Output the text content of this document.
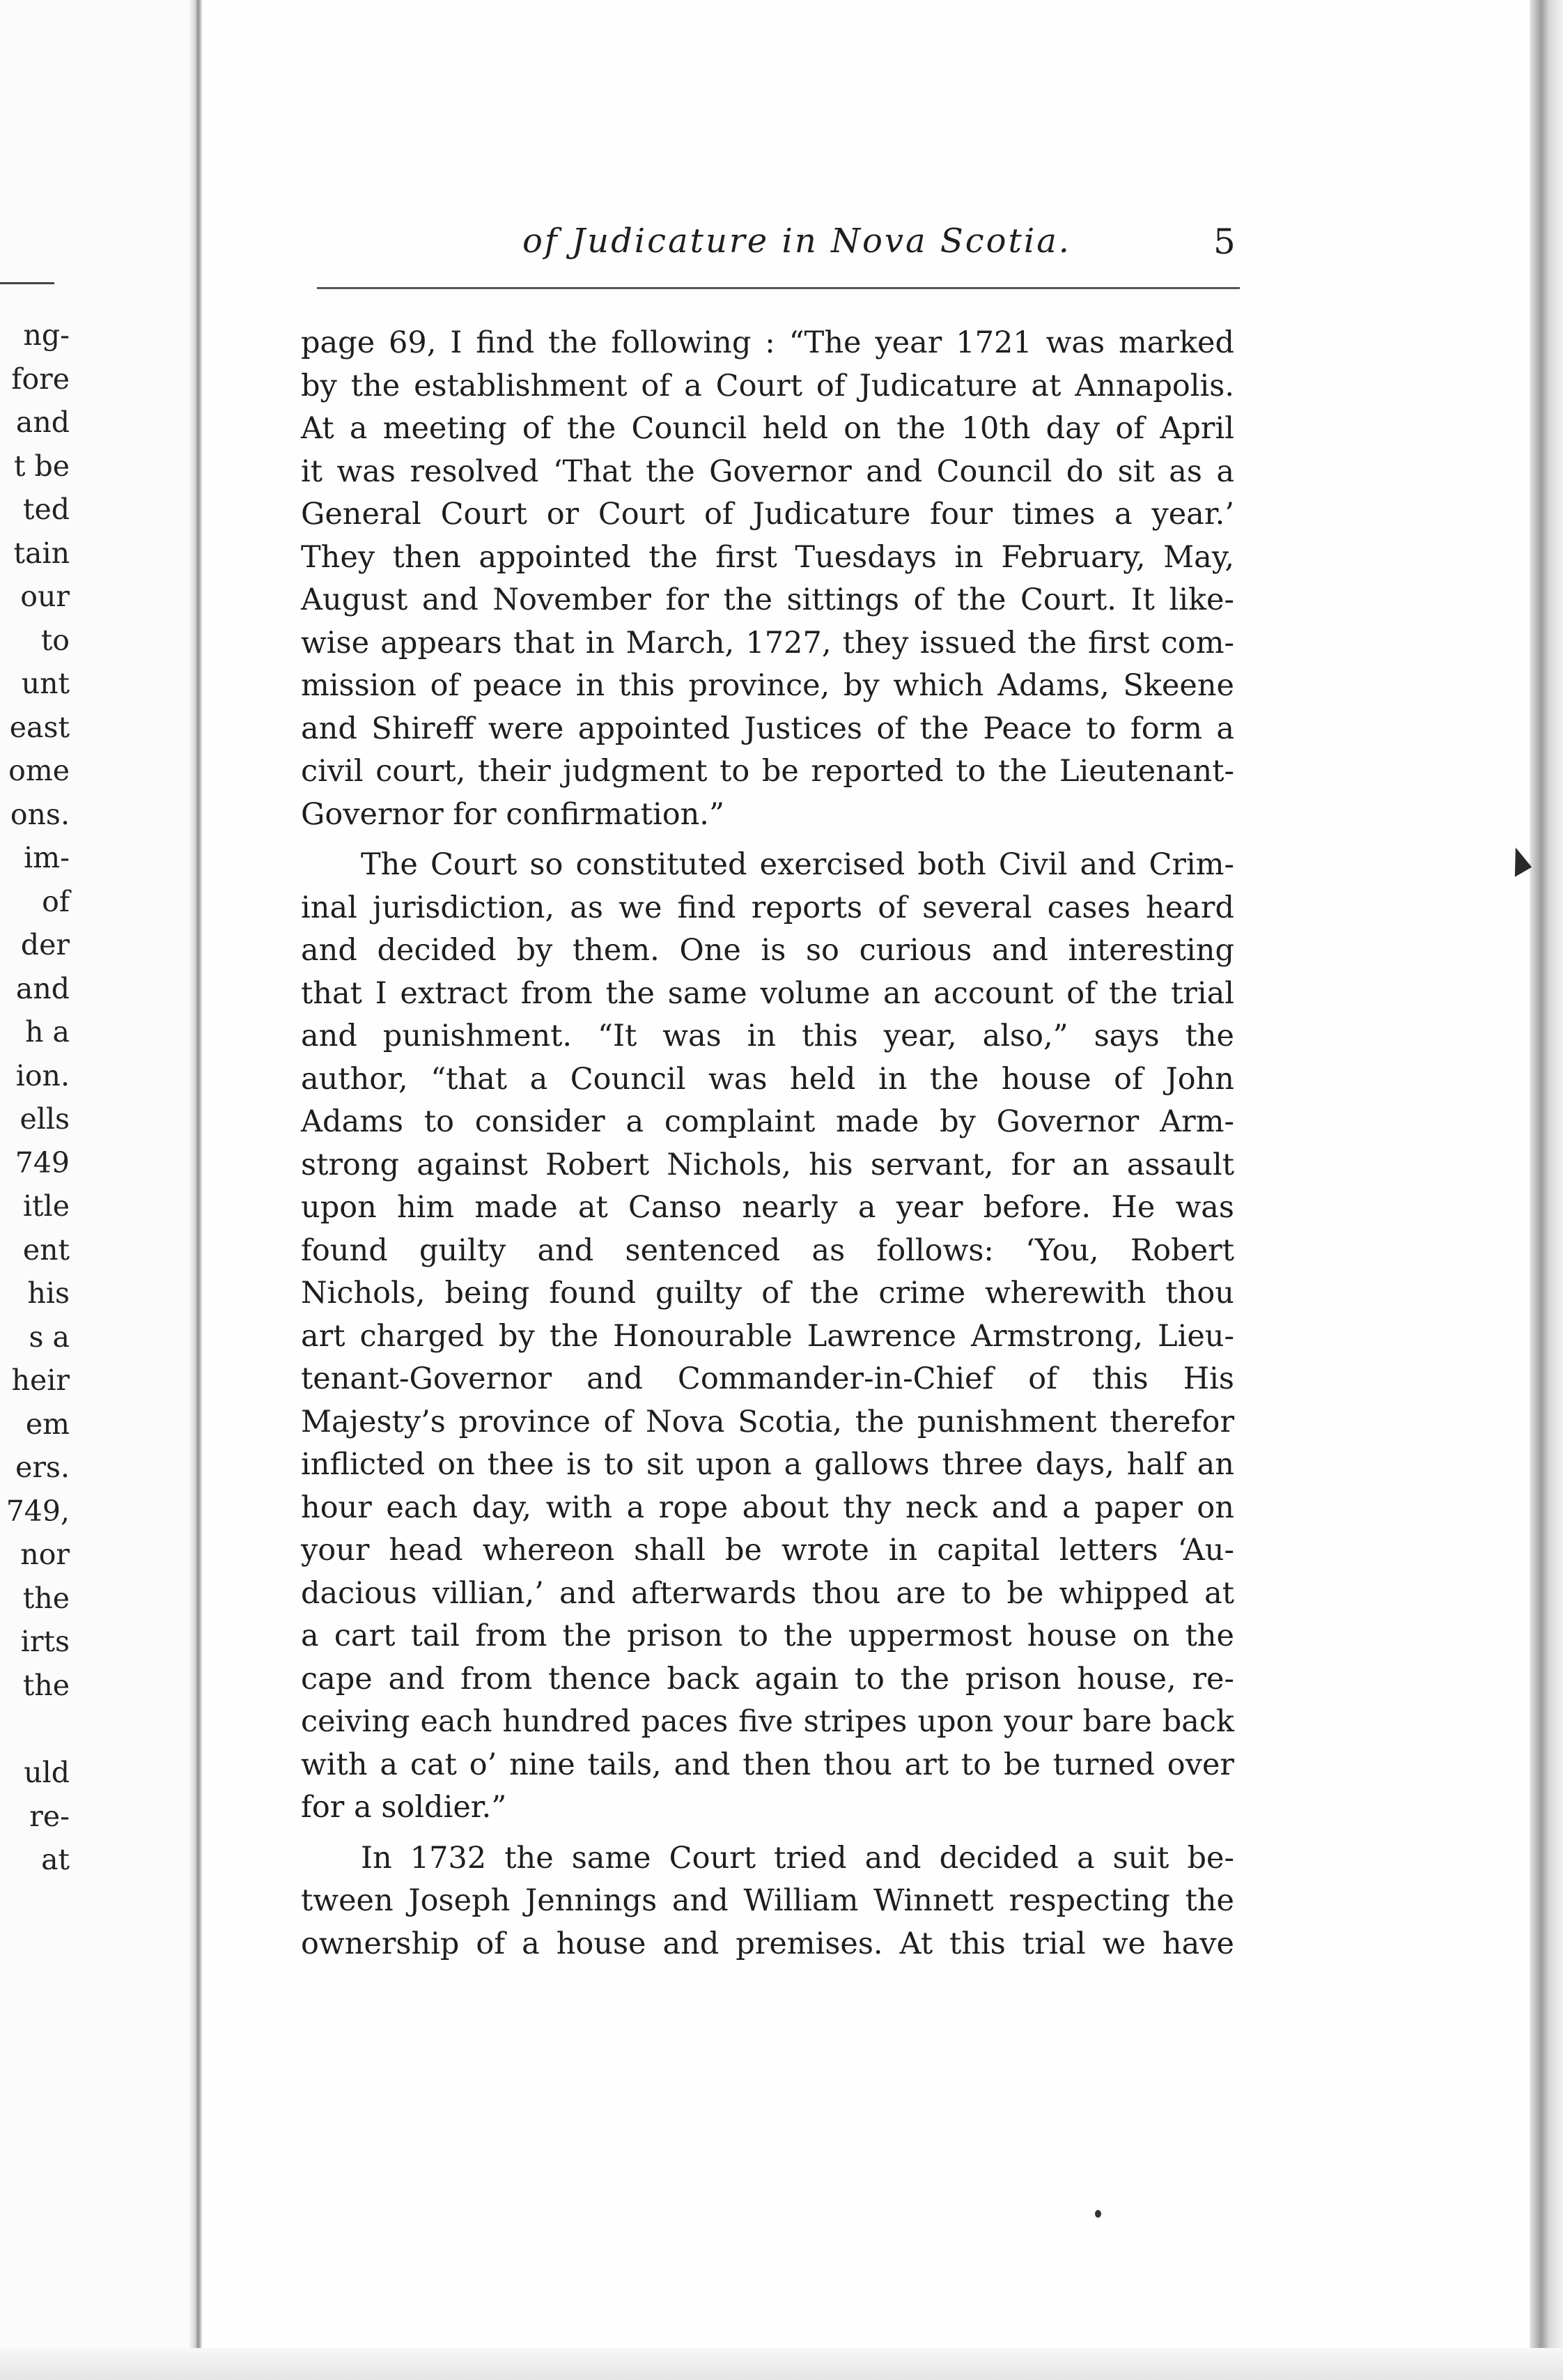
ng-
fore
and
t be
ted
tain
our
to
unt
east
ome
ons.
im-
of
der
and
h a
ion.
ells
749
itle
ent
his
s a
heir
em
ers.
749,
nor
the
irts
the
uld
re-
at
of Judicature in Nova Scotia.	5
page 69, I find the following : “The year 1721 was marked
by the establishment of a Court of Judicature at Annapolis.
At a meeting of the Council held on the 10th day of April
it was resolved ‘That the Governor and Council do sit as a
General Court or Court of Judicature four times a year.’
They then appointed the first Tuesdays in February, May,
August and November for the sittings of the Court. It like-
wise appears that in March, 1727, they issued the first com-
mission of peace in this province, by which Adams, Skeene
and Shireff were appointed Justices of the Peace to form a
civil court, their judgment to be reported to the Lieutenant-
Governor for confirmation.”
The Court so constituted exercised both Civil and Crim-
inal jurisdiction, as we find reports of several cases heard
and decided by them. One is so curious and interesting
that I extract from the same volume an account of the trial
and punishment. “It was in this year, also,” says the
author, “that a Council was held in the house of John
Adams to consider a complaint made by Governor Arm-
strong against Robert Nichols, his servant, for an assault
upon him made at Canso nearly a year before. He was
found guilty and sentenced as follows: ‘You, Robert
Nichols, being found guilty of the crime wherewith thou
art charged by the Honourable Lawrence Armstrong, Lieu-
tenant-Governor and Commander-in-Chief of this His
Majesty’s province of Nova Scotia, the punishment therefor
inflicted on thee is to sit upon a gallows three days, half an
hour each day, with a rope about thy neck and a paper on
your head whereon shall be wrote in capital letters ‘Au-
dacious villian,’ and afterwards thou are to be whipped at
a cart tail from the prison to the uppermost house on the
cape and from thence back again to the prison house, re-
ceiving each hundred paces five stripes upon your bare back
with a cat o’ nine tails, and then thou art to be turned over
for a soldier.”
In 1732 the same Court tried and decided a suit be-
tween Joseph Jennings and William Winnett respecting the
ownership of a house and premises. At this trial we have
